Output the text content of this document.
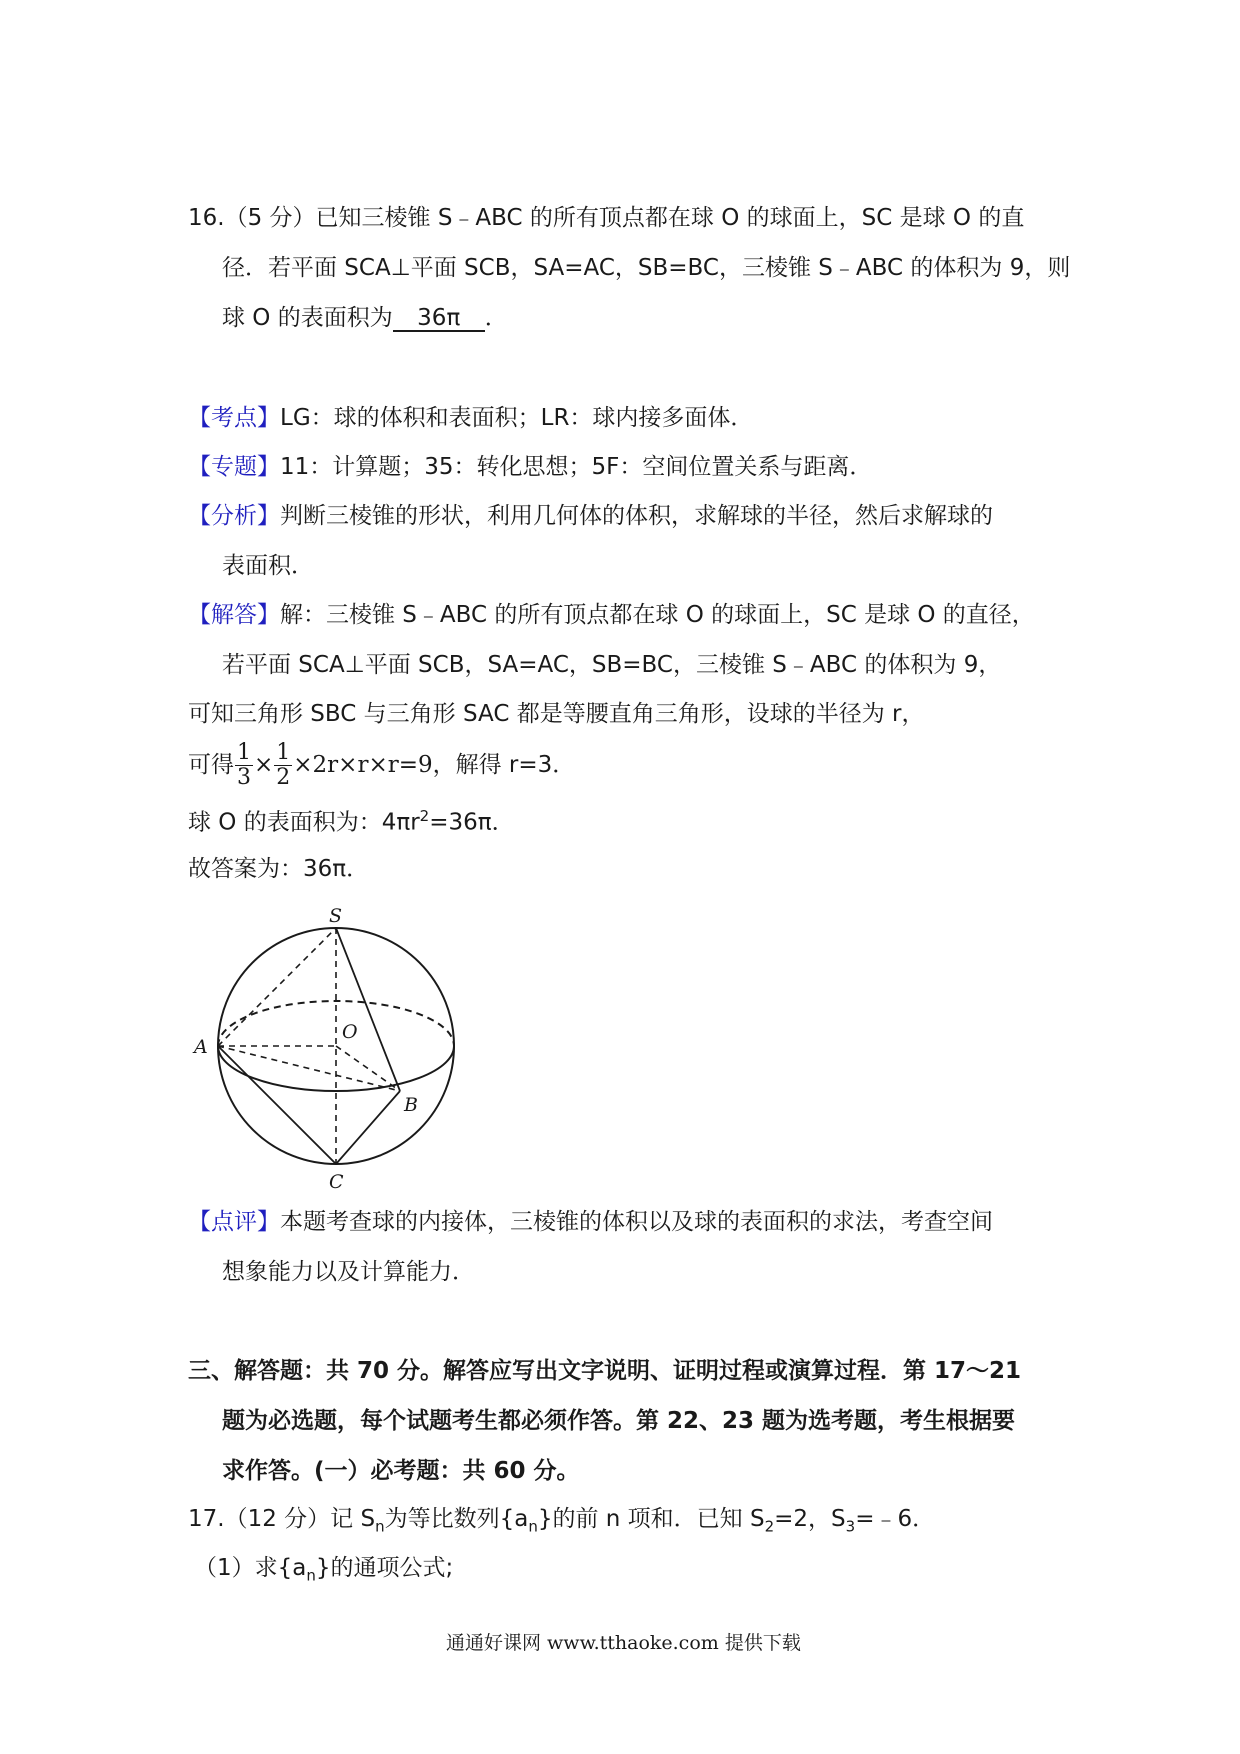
16.（5 分）已知三棱锥 S﹣ABC 的所有顶点都在球 O 的球面上，SC 是球 O 的直
径．若平面 SCA⊥平面 SCB，SA=AC，SB=BC，三棱锥 S﹣ABC 的体积为 9，则
球 O 的表面积为 36π ．
【考点】LG：球的体积和表面积；LR：球内接多面体．
【专题】11：计算题；35：转化思想；5F：空间位置关系与距离．
【分析】判断三棱锥的形状，利用几何体的体积，求解球的半径，然后求解球的
表面积．
【解答】解：三棱锥 S﹣ABC 的所有顶点都在球 O 的球面上，SC 是球 O 的直径，
若平面 SCA⊥平面 SCB，SA=AC，SB=BC，三棱锥 S﹣ABC 的体积为 9，
可知三角形 SBC 与三角形 SAC 都是等腰直角三角形，设球的半径为 r，
可得 $\frac{1}{3} \times \frac{1}{2} \times 2r\times r\times r=9$，解得 r=3．
球 O 的表面积为：$4\pi r^2=36\pi$．
故答案为：36π．
S
O
A
B
C
【点评】本题考查球的内接体，三棱锥的体积以及球的表面积的求法，考查空间
想象能力以及计算能力．
三、解答题：共 70 分。解答应写出文字说明、证明过程或演算过程．第 17～21
题为必选题，每个试题考生都必须作答。第 22、23 题为选考题，考生根据要
求作答。(一）必考题：共 60 分。
17.（12 分）记 $S_n$为等比数列$\{a_n\}$的前 n 项和．已知 $S_2=2$，$S_3=﹣6$．
（1）求$\{a_n\}$的通项公式;
通通好课网 www.tthaoke.com 提供下载
